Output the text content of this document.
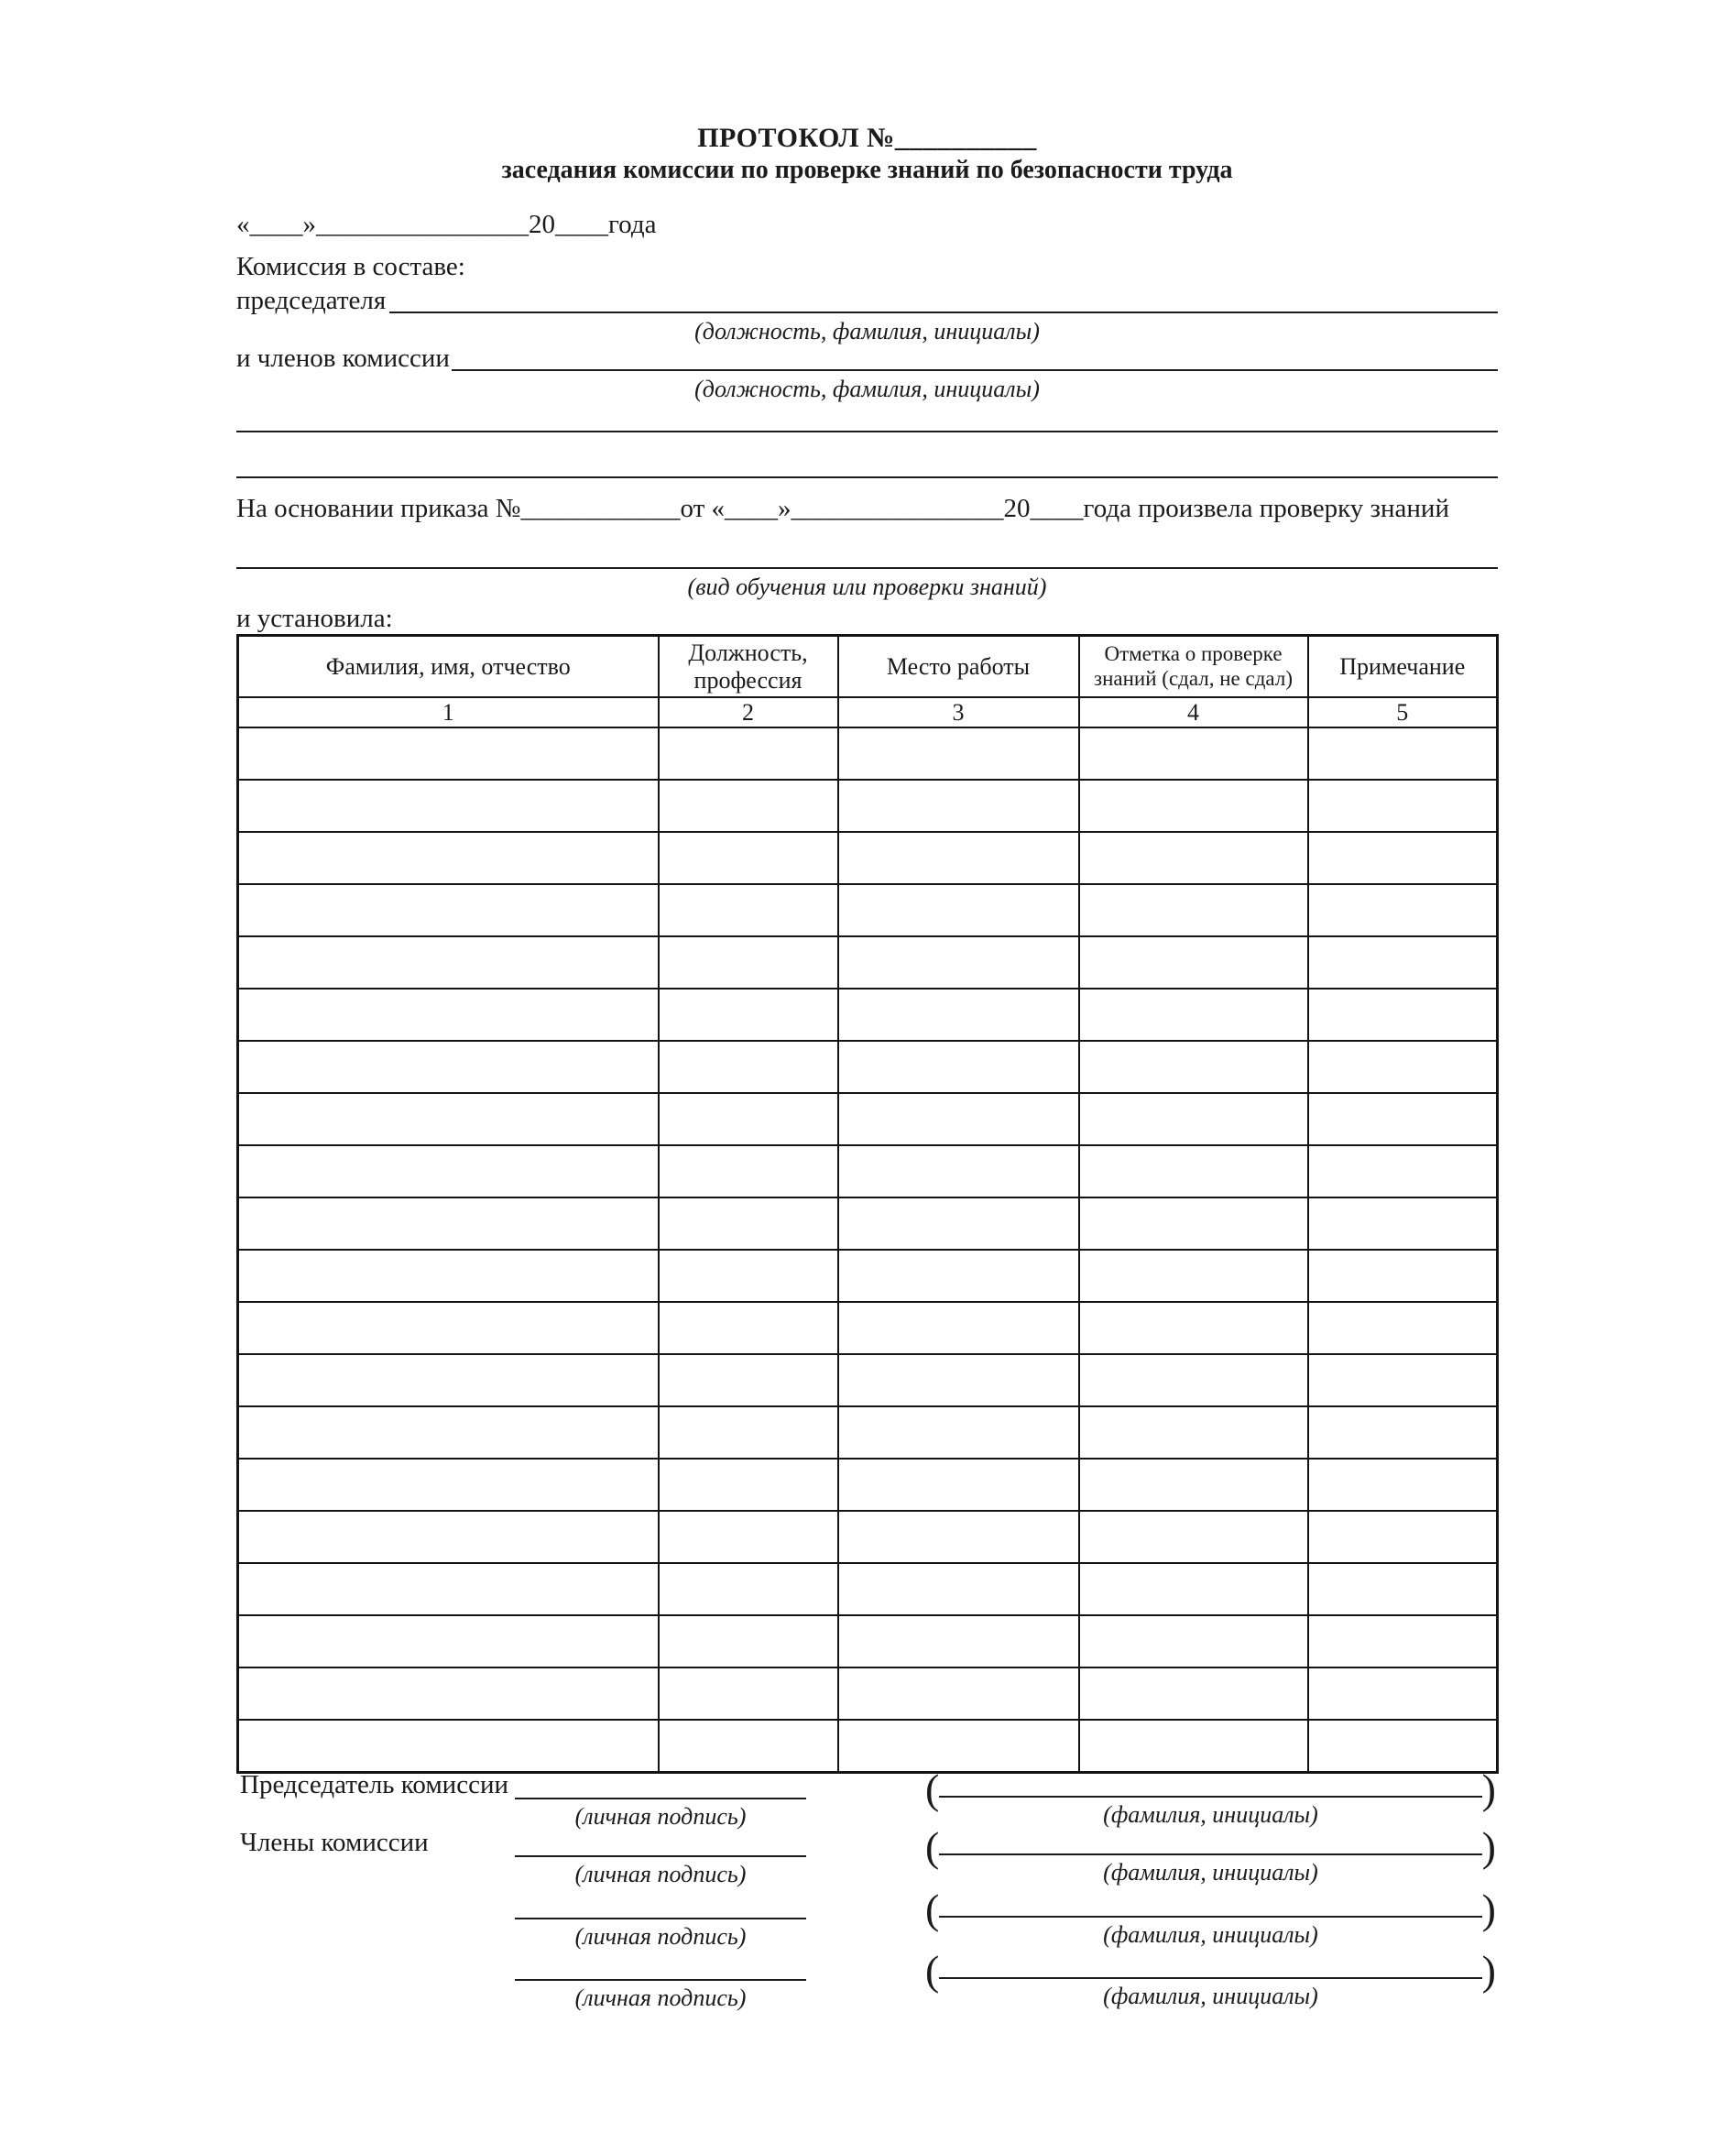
ПРОТОКОЛ №__________
заседания комиссии по проверке знаний по безопасности труда
«____»________________20____года
Комиссия в составе:
председателя
(должность, фамилия, инициалы)
и членов комиссии
(должность, фамилия, инициалы)
На основании приказа №____________от «____»________________20____года произвела проверку знаний
(вид обучения или проверки знаний)
и установила:
Фамилия, имя, отчество	Должность, профессия	Место работы	Отметка о проверке знаний (сдал, не сдал)	Примечание
1	2	3	4	5

Председатель комиссии
(личная подпись)
(	)
(фамилия, инициалы)
Члены комиссии
(личная подпись)
(	)
(фамилия, инициалы)
(личная подпись)
(	)
(фамилия, инициалы)
(личная подпись)
(	)
(фамилия, инициалы)
